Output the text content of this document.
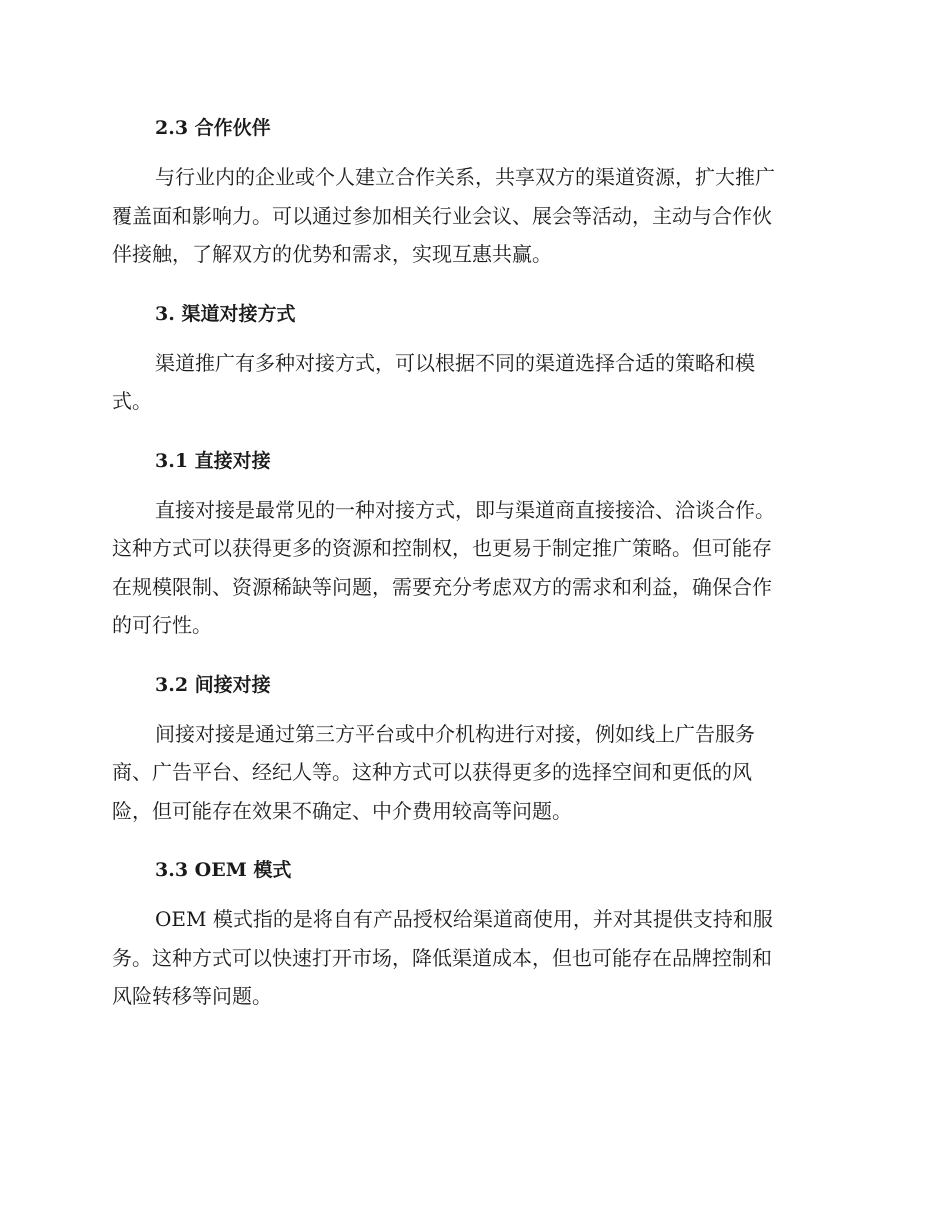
2.3 合作伙伴
与行业内的企业或个人建立合作关系，共享双方的渠道资源，扩大推广
覆盖面和影响力。可以通过参加相关行业会议、展会等活动，主动与合作伙
伴接触，了解双方的优势和需求，实现互惠共赢。
3. 渠道对接方式
渠道推广有多种对接方式，可以根据不同的渠道选择合适的策略和模
式。
3.1 直接对接
直接对接是最常见的一种对接方式，即与渠道商直接接洽、洽谈合作。
这种方式可以获得更多的资源和控制权，也更易于制定推广策略。但可能存
在规模限制、资源稀缺等问题，需要充分考虑双方的需求和利益，确保合作
的可行性。
3.2 间接对接
间接对接是通过第三方平台或中介机构进行对接，例如线上广告服务
商、广告平台、经纪人等。这种方式可以获得更多的选择空间和更低的风
险，但可能存在效果不确定、中介费用较高等问题。
3.3 OEM 模式
OEM 模式指的是将自有产品授权给渠道商使用，并对其提供支持和服
务。这种方式可以快速打开市场，降低渠道成本，但也可能存在品牌控制和
风险转移等问题。
